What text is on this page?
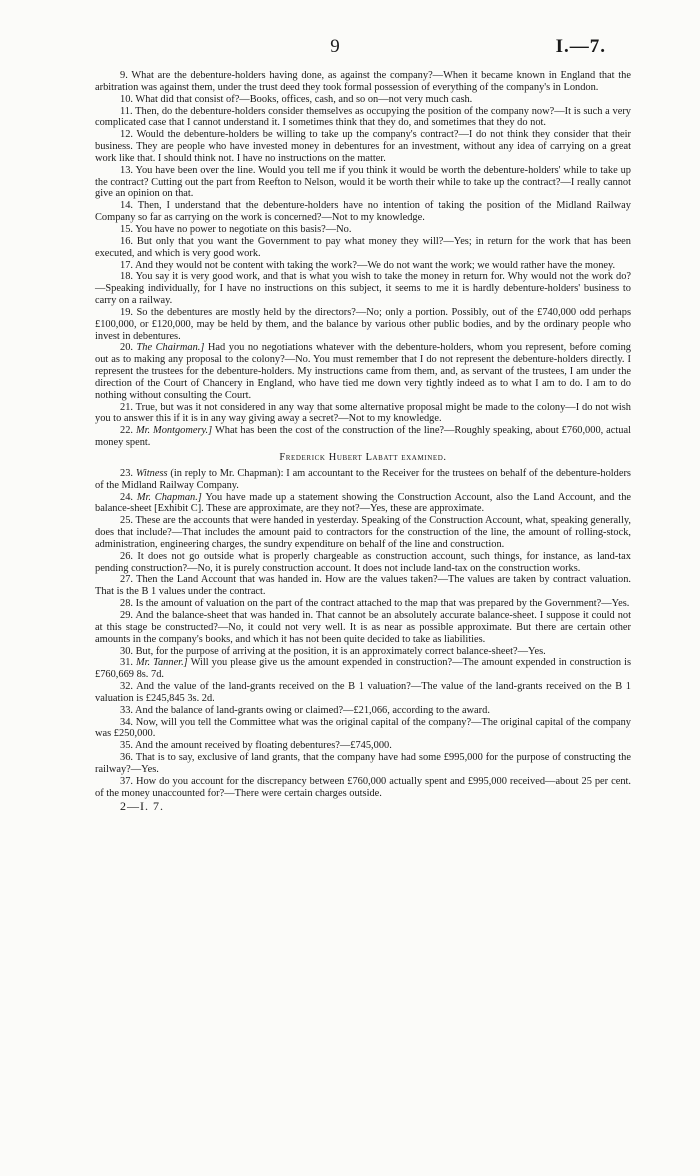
9	I.—7.

9. What are the debenture-holders having done, as against the company?—When it became known in England that the arbitration was against them, under the trust deed they took formal possession of everything of the company's in London.

10. What did that consist of?—Books, offices, cash, and so on—not very much cash.

11. Then, do the debenture-holders consider themselves as occupying the position of the company now?—It is such a very complicated case that I cannot understand it. I sometimes think that they do, and sometimes that they do not.

12. Would the debenture-holders be willing to take up the company's contract?—I do not think they consider that their business. They are people who have invested money in debentures for an investment, without any idea of carrying on a great work like that. I should think not. I have no instructions on the matter.

13. You have been over the line. Would you tell me if you think it would be worth the debenture-holders' while to take up the contract? Cutting out the part from Reefton to Nelson, would it be worth their while to take up the contract?—I really cannot give an opinion on that.

14. Then, I understand that the debenture-holders have no intention of taking the position of the Midland Railway Company so far as carrying on the work is concerned?—Not to my knowledge.

15. You have no power to negotiate on this basis?—No.

16. But only that you want the Government to pay what money they will?—Yes; in return for the work that has been executed, and which is very good work.

17. And they would not be content with taking the work?—We do not want the work; we would rather have the money.

18. You say it is very good work, and that is what you wish to take the money in return for. Why would not the work do?—Speaking individually, for I have no instructions on this subject, it seems to me it is hardly debenture-holders' business to carry on a railway.

19. So the debentures are mostly held by the directors?—No; only a portion. Possibly, out of the £740,000 odd perhaps £100,000, or £120,000, may be held by them, and the balance by various other public bodies, and by the ordinary people who invest in debentures.

20. The Chairman.] Had you no negotiations whatever with the debenture-holders, whom you represent, before coming out as to making any proposal to the colony?—No. You must remember that I do not represent the debenture-holders directly. I represent the trustees for the debenture-holders. My instructions came from them, and, as servant of the trustees, I am under the direction of the Court of Chancery in England, who have tied me down very tightly indeed as to what I am to do. I am to do nothing without consulting the Court.

21. True, but was it not considered in any way that some alternative proposal might be made to the colony—I do not wish you to answer this if it is in any way giving away a secret?—Not to my knowledge.

22. Mr. Montgomery.] What has been the cost of the construction of the line?—Roughly speaking, about £760,000, actual money spent.

Frederick Hubert Labatt examined.

23. Witness (in reply to Mr. Chapman): I am accountant to the Receiver for the trustees on behalf of the debenture-holders of the Midland Railway Company.

24. Mr. Chapman.] You have made up a statement showing the Construction Account, also the Land Account, and the balance-sheet [Exhibit C]. These are approximate, are they not?—Yes, these are approximate.

25. These are the accounts that were handed in yesterday. Speaking of the Construction Account, what, speaking generally, does that include?—That includes the amount paid to contractors for the construction of the line, the amount of rolling-stock, administration, engineering charges, the sundry expenditure on behalf of the line and construction.

26. It does not go outside what is properly chargeable as construction account, such things, for instance, as land-tax pending construction?—No, it is purely construction account. It does not include land-tax on the construction works.

27. Then the Land Account that was handed in. How are the values taken?—The values are taken by contract valuation. That is the B 1 values under the contract.

28. Is the amount of valuation on the part of the contract attached to the map that was prepared by the Government?—Yes.

29. And the balance-sheet that was handed in. That cannot be an absolutely accurate balance-sheet. I suppose it could not at this stage be constructed?—No, it could not very well. It is as near as possible approximate. But there are certain other amounts in the company's books, and which it has not been quite decided to take as liabilities.

30. But, for the purpose of arriving at the position, it is an approximately correct balance-sheet?—Yes.

31. Mr. Tanner.] Will you please give us the amount expended in construction?—The amount expended in construction is £760,669 8s. 7d.

32. And the value of the land-grants received on the B 1 valuation?—The value of the land-grants received on the B 1 valuation is £245,845 3s. 2d.

33. And the balance of land-grants owing or claimed?—£21,066, according to the award.

34. Now, will you tell the Committee what was the original capital of the company?—The original capital of the company was £250,000.

35. And the amount received by floating debentures?—£745,000.

36. That is to say, exclusive of land grants, that the company have had some £995,000 for the purpose of constructing the railway?—Yes.

37. How do you account for the discrepancy between £760,000 actually spent and £995,000 received—about 25 per cent. of the money unaccounted for?—There were certain charges outside.

2—I. 7.
